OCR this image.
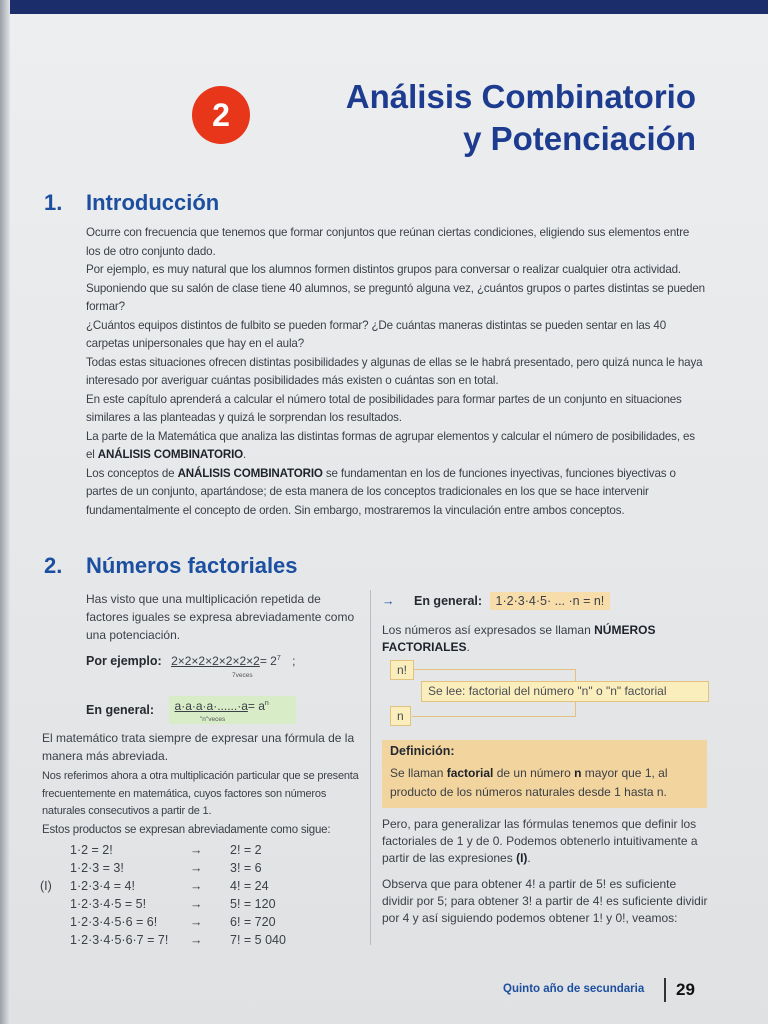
2	Análisis Combinatorio
y Potenciación
1. Introducción

Ocurre con frecuencia que tenemos que formar conjuntos que reúnan ciertas condiciones, eligiendo sus elementos entre los de otro conjunto dado.

Por ejemplo, es muy natural que los alumnos formen distintos grupos para conversar o realizar cualquier otra actividad.

Suponiendo que su salón de clase tiene 40 alumnos, se preguntó alguna vez, ¿cuántos grupos o partes distintas se pueden formar?

¿Cuántos equipos distintos de fulbito se pueden formar? ¿De cuántas maneras distintas se pueden sentar en las 40 carpetas unipersonales que hay en el aula?

Todas estas situaciones ofrecen distintas posibilidades y algunas de ellas se le habrá presentado, pero quizá nunca le haya interesado por averiguar cuántas posibilidades más existen o cuántas son en total.

En este capítulo aprenderá a calcular el número total de posibilidades para formar partes de un conjunto en situaciones similares a las planteadas y quizá le sorprendan los resultados.

La parte de la Matemática que analiza las distintas formas de agrupar elementos y calcular el número de posibilidades, es el ANÁLISIS COMBINATORIO.

Los conceptos de ANÁLISIS COMBINATORIO se fundamentan en los de funciones inyectivas, funciones biyectivas o partes de un conjunto, apartándose; de esta manera de los conceptos tradicionales en los que se hace intervenir fundamentalmente el concepto de orden. Sin embargo, mostraremos la vinculación entre ambos conceptos.

2. Números factoriales
Has visto que una multiplicación repetida de factores iguales se expresa abreviadamente como una potenciación.
Por ejemplo: $2\times 2\times 2\times 2\times 2\times 2\times 2= 2^7$ ;
7veces
En general: $a\cdot a\cdot a\cdot a\cdot......\cdot a= a^n$
"n"veces
El matemático trata siempre de expresar una fórmula de la manera más abreviada.
Nos referimos ahora a otra multiplicación particular que se presenta frecuentemente en matemática, cuyos factores son números naturales consecutivos a partir de 1.
Estos productos se expresan abreviadamente como sigue:
1·2 = 2!	→ 2! = 2
1·2·3 = 3!	→ 3! = 6
(I) 1·2·3·4 = 4!	→ 4! = 24
1·2·3·4·5 = 5!	→ 5! = 120
1·2·3·4·5·6 = 6!	→ 6! = 720
1·2·3·4·5·6·7 = 7! → 7! = 5 040
→ En general: 1·2·3·4·5· ... ·n = n!
Los números así expresados se llaman NÚMEROS FACTORIALES.
n!
Se lee: factorial del número "n" o "n" factorial
n
Definición:
Se llaman factorial de un número n mayor que 1, al producto de los números naturales desde 1 hasta n.
Pero, para generalizar las fórmulas tenemos que definir los factoriales de 1 y de 0. Podemos obtenerlo intuitivamente a partir de las expresiones (I).
Observa que para obtener 4! a partir de 5! es suficiente dividir por 5; para obtener 3! a partir de 4! es suficiente dividir por 4 y así siguiendo podemos obtener 1! y 0!, veamos:
Quinto año de secundaria 29
